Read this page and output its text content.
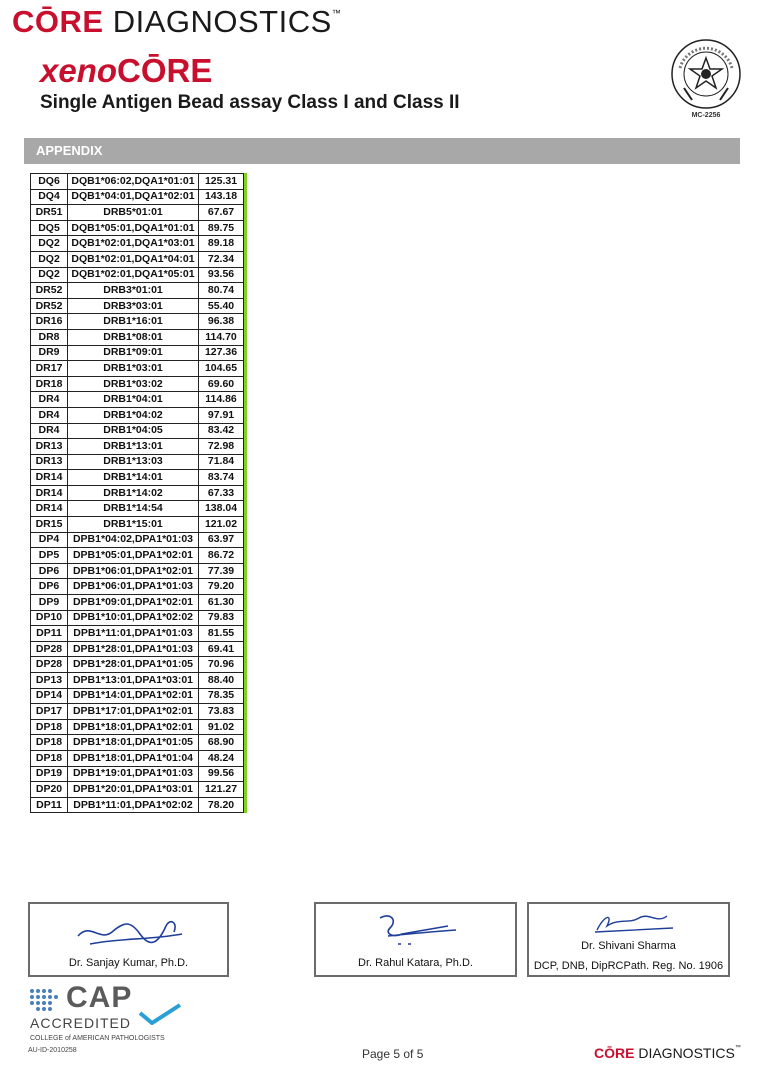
CŌRE DIAGNOSTICS™
xenoCŌRE
Single Antigen Bead assay Class I and Class II
MC-2256
APPENDIX
DQ6	DQB1*06:02,DQA1*01:01	125.31
DQ4	DQB1*04:01,DQA1*02:01	143.18
DR51	DRB5*01:01	67.67
DQ5	DQB1*05:01,DQA1*01:01	89.75
DQ2	DQB1*02:01,DQA1*03:01	89.18
DQ2	DQB1*02:01,DQA1*04:01	72.34
DQ2	DQB1*02:01,DQA1*05:01	93.56
DR52	DRB3*01:01	80.74
DR52	DRB3*03:01	55.40
DR16	DRB1*16:01	96.38
DR8	DRB1*08:01	114.70
DR9	DRB1*09:01	127.36
DR17	DRB1*03:01	104.65
DR18	DRB1*03:02	69.60
DR4	DRB1*04:01	114.86
DR4	DRB1*04:02	97.91
DR4	DRB1*04:05	83.42
DR13	DRB1*13:01	72.98
DR13	DRB1*13:03	71.84
DR14	DRB1*14:01	83.74
DR14	DRB1*14:02	67.33
DR14	DRB1*14:54	138.04
DR15	DRB1*15:01	121.02
DP4	DPB1*04:02,DPA1*01:03	63.97
DP5	DPB1*05:01,DPA1*02:01	86.72
DP6	DPB1*06:01,DPA1*02:01	77.39
DP6	DPB1*06:01,DPA1*01:03	79.20
DP9	DPB1*09:01,DPA1*02:01	61.30
DP10	DPB1*10:01,DPA1*02:02	79.83
DP11	DPB1*11:01,DPA1*01:03	81.55
DP28	DPB1*28:01,DPA1*01:03	69.41
DP28	DPB1*28:01,DPA1*01:05	70.96
DP13	DPB1*13:01,DPA1*03:01	88.40
DP14	DPB1*14:01,DPA1*02:01	78.35
DP17	DPB1*17:01,DPA1*02:01	73.83
DP18	DPB1*18:01,DPA1*02:01	91.02
DP18	DPB1*18:01,DPA1*01:05	68.90
DP18	DPB1*18:01,DPA1*01:04	48.24
DP19	DPB1*19:01,DPA1*01:03	99.56
DP20	DPB1*20:01,DPA1*03:01	121.27
DP11	DPB1*11:01,DPA1*02:02	78.20
Dr. Sanjay Kumar, Ph.D.	Dr. Rahul Katara, Ph.D.
Dr. Shivani Sharma
DCP, DNB, DipRCPath. Reg. No. 1906
CAP
ACCREDITED
COLLEGE of AMERICAN PATHOLOGISTS
AU-ID-2010258	Page 5 of 5	CŌRE DIAGNOSTICS™
